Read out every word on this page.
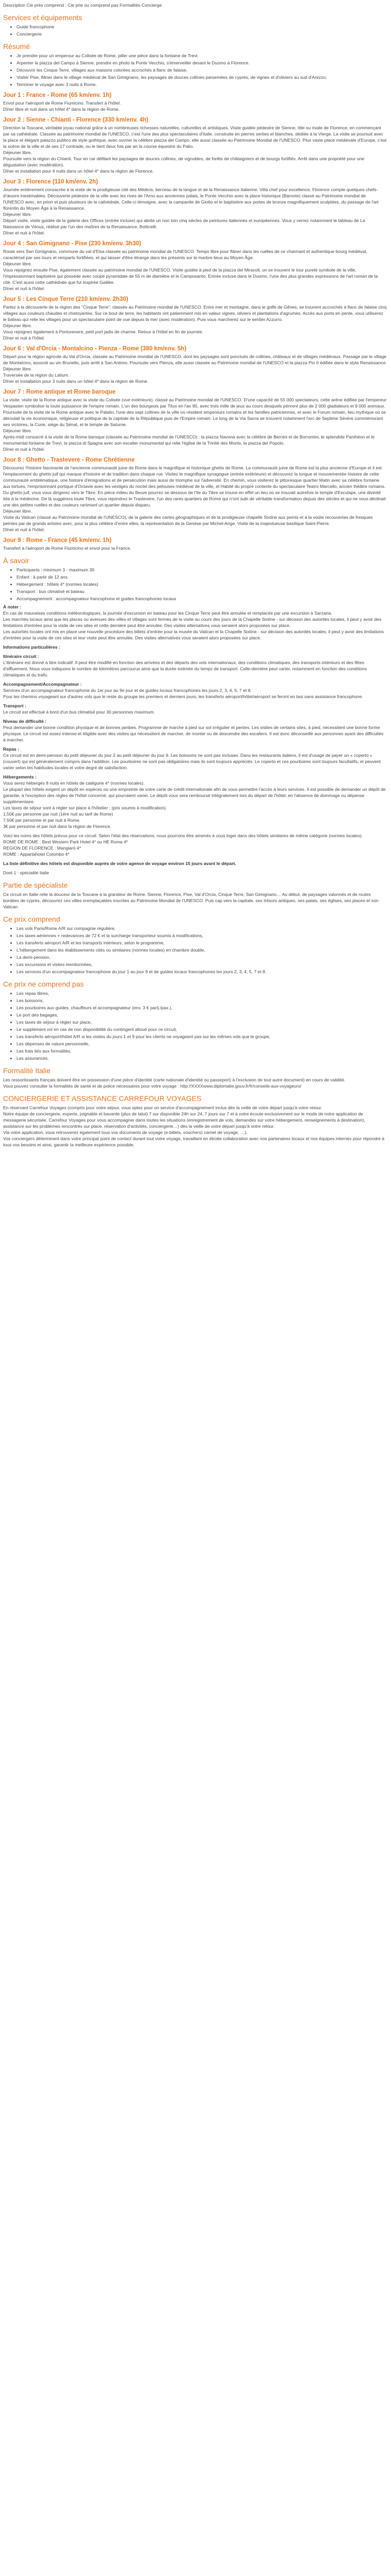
Description Cie près comprend ; Cie prie ou comprend pas Formalités Concierge

Services et équipements
• Guide francophone
• Conciergerie
Résumé
• Je prendre pour un emperour au Colisée de Rome, piller une pièce dans la fontaine de Trevi.
• Arpenter la piazza del Campo à Sienne, prendre en photo la Ponte Vecchio, s'émerveiller devant le Duomo à Florence.
• Découvrir les Cinque Terre, villages aux maisons colorées accrochés à flanc de falaise.
• Visiter Pise, flâner dans le village médiéval de San Gimignano, les paysages de douces collines parsemées de cyprès, de vignes et d'oliviers au sud d'Arezzo.
• Terminer le voyage avec 3 nuits à Rome.
Jour 1 : France - Rome (65 km/env. 1h)

Envol pour l'aéroport de Rome Fiumicino. Transfert à l'hôtel.

Dîner libre et nuit dans un hôtel 4* dans la région de Rome.

Jour 2 : Sienne - Chianti - Florence (330 km/env. 4h)

Direction la Toscane, véritable joyau national grâce à un nombreuses richesses naturelles, culturelles et artistiques. Visite guidée pédestre de Sienne, title ou rivale de Florence, en commençant par sa cathédrale. Classée au patrimoine mondial de l'UNESCO, c'est l'une des plus spectaculaires d'Italie, construite en pierres serties et blanches, dédiée à la Vierge. La visite se poursuit avec la place et élégant palazzo publico de style gothique, avec ouvrier la célèbre piazza del Campo, elle aussi classée au Patrimoine Mondial de l'UNESCO. Plus vaste place médiévale d'Europe, c'est la scène de la ville et de ses 17 contrade, ou le tient deux fois par an la course équestre du Palio.

Déjeuner libre.

Poursuite vers la région du Chianti. Tour en car défilant les paysages de douces collines, de vignobles, de forêts de châtaigniers et de bourgs fortifiés. Arrêt dans une propriété pour une dégustation (avec modération).

Dîner et installation pour 4 nuits dans un hôtel 4* dans la région de Florence.

Jour 3 : Florence (110 km/env. 2h)

Journée entièrement consacrée à la visite de la prodigieuse cité des Médicis, berceau de la langue et de la Renaissance italienne. Villa chef pour excellence, Florence compte quelques chefs-d'œuvre inestimables. Découverte pédestre de la ville avec les rives de l'Arno aux anciennes palais, le Ponte Vecchio avec la place historique (Baronte) classé au Patrimoine mondial de l'UNESCO avec, en priori et puis plusieurs de la cathédrale, Celle-ci témoigne, avec la campanile de Giotto et le baptistère aux portes de bronze magnifiquement sculptées, du passage de l'art florentin du Moyen Âge à la Renaissance.

Déjeuner libre.

Départ visite, visite guidée de la galerie des Offices (entrée incluse) qui abrite un non loin cinq siècles de peintures italiennes et européennes. Vous y verrez notamment le tableau de La Naissance de Vénus, réalisé par l'un des maîtres de la Renaissance, Botticelli.

Dîner et nuit à l'hôtel.

Jour 4 : San Gimignano - Pise (230 km/env. 3h30)

Route vers San Gimignano, commune du val d'Elsa classée au patrimoine mondial de l'UNESCO. Temps libre pour flâner dans les ruelles de ce charmant et authentique bourg médiéval, caractérisé par ses tours et remparts fortifiées, et qui laisser d'être étrange dans les présents sur le marbre lieux au Moyen Âge.

Déjeuner libre.

Vous rejoignez ensuite Pise, également classée au patrimoine mondial de l'UNESCO. Visite guidée à pied de la piazza del Miracoli, un se trouvent le tour pureté symbole de la ville, l'impressionnant baptistère qui possède avec coupe pyramidale de 55 m de diamètre et le Camposanto. Entrée incluse dans le Duomo, l'une des plus grandes expressions de l'art roman de la cité. C'est aussi cette cathédrale que fut inspirée Galilée.

Dîner et nuit à l'hôtel.

Jour 5 : Les Cinque Terre (210 km/env. 2h30)

Partez à la découverte de la région des "Cinque Terre", classée au Patrimoine mondial de l'UNESCO. Entre mer et montagne, dans le golfe de Gênes, se trouvent accrochés à flanc de falaise cinq villages aux couleurs chaudes et chatoyantes. Sur ce bout de terre, les habitants ont patiemment mis en valeur vignes, oliviers et plantations d'agrumes. Accès aux ports en pente, vous utiliserez le bateau qui relie les villages pour un spectaculaire point de vue depuis la mer (avec modération). Puis vous marcherez sur le sentier Azzurro.

Déjeuner libre.

Vous rejoignez également à Portovenere, petit port jadis de charme. Retour à l'hôtel en fin de journée.

Dîner et nuit à l'hôtel.

Jour 6 : Val d'Orcia - Montalcino - Pienza - Rome (380 km/env. 5h)

Départ pour la région agricole du Val d'Orcia, classée au Patrimoine mondial de l'UNESCO, dont les paysages sont ponctués de collines, châteaux et de villages médiévaux. Passage par le village de Montalcino, associé au vin Brunello, puis arrêt à San Antimo. Poursuite vers Pienza, elle aussi classée au Patrimoine mondial de l'UNESCO et la piazza Pio II édifiée dans le style Renaissance.

Déjeuner libre.

Traversée de la région du Latium.

Dîner et installation pour 3 nuits dans un hôtel 4* dans la région de Rome.

Jour 7 : Rome antique et Rome baroque

La visite, visite de la Rome antique avec la visite du Colisée (vue extérieure), classé au Patrimoine mondial de l'UNESCO. D'une capacité de 55 000 spectateurs, cette arène édifiée par l'empereur Vespasien symbolise la toute puissance de l'empire romain. L'un des bourgeois par Titus en l'an 80, avec trois mille de jeux au cours desquels périrent plus de 2 000 gladiateurs et 9 000 animaux.

Poursuite de la visite de la Rome antique avec le Palatin, l'une des sept collines de la ville où résident empereurs romains et les familles patriciennes, et avec le Forum romain, lieu mythique où se déroulait la vie économique, religieuse et politique de la capitale de la République puis de l'Empire romain. Le long de la Via Sacra se trouvent notamment l'arc de Septime Sévère commémorant ses victoires, la Curie, siège du Sénat, et le temple de Saturne.

Déjeuner libre.

Après-midi consacré à la visite de la Rome baroque (classée au Patrimoine mondial de l'UNESCO) : la piazza Navona avec la célèbre de Bernini et de Borromini, le splendide Panthéon et le monumental fontaine de Trevi, la piazza di Spagna avec son escalier monumental qui relie l'église de la Trinité des Monts, la piazza del Popolo.

Dîner et nuit à l'hôtel.

Jour 8 : Ghetto - Trastevere - Rome Chrétienne

Découvrez l'histoire fascinante de l'ancienne communauté juive de Rome dans le magnifique et historique ghetto de Rome. La communauté juive de Rome est la plus ancienne d'Europe et il est l'emplacement du ghetto juif qui marque d'histoire et de tradition dans chaque rue. Visitez le magnifique synagogue (entrée extérieure) et découvrez la longue et mouvementée histoire de cette communauté emblématique, une histoire d'émigrations et de persécution mais aussi de triomphe sur l'adversité. En chemin, vous visiterez le pittoresque quartier Matin avec sa célèbre fontaine aux tortues, l'emprisonnant portique d'Octavie avec les vestiges du noctel des pelouses médiéval de la ville, et Habité du propre contexte du spectaculaire Teatro Marcello, ancien théâtre romains. Du ghetto juif, vous vous dirigerez vers le Tibre. En pièce milieu du fleuve pourrez se dessous de l'île du Tibre se trouve en effet un lieu où se trouvait autrefois le temple d'Esculape, une divinité liée à la médecine. De là suggérera toute Tibre, vous rejoindrez le Trastevere, l'un des rares quartiers de Rome qui n'ont subi de véritable transformation depuis des siècles et qui ne vous déclinait une des petites ruelles et des couleurs ranimant un quartier depuis disparu.

Déjeuner libre.

Visite du Vatican (classé au Patrimoine mondial de l'UNESCO), de la galerie des cartes géographiques et de la prodigieuse chapelle Sixtine aux peints et à la voûte recouvertes de fresques peintes par de grands artistes avec, pour la plus célèbre d'entre elles, la représentation de la Genèse par Michel-Ange. Visite de la majestueuse basilique Saint-Pierre.

Dîner et nuit à l'hôtel.

Jour 9 : Rome - France (45 km/env. 1h)

Transfert à l'aéroport de Rome Fiumicino et envol pour la France.

À savoir
• Participants : minimum 3 - maximum 30
• Enfant : à partir de 12 ans
• Hébergement : hôtels 4* (normes locales)
• Transport : bus climatisé et bateau
• Accompagnement : accompagnateur francophone et guides francophones locaux

À noter :

En cas de mauvaises conditions météorologiques, la journée d'excursion en bateau pour les Cinque Terre peut être annulée et remplacée par une excursion à Sarzana.

Les marchés locaux ainsi que les places ou avenues des villes et villages sont fermés de la visite au cours des jours de la Chapelle Sixtine - sur décision des autorités locales, il peut y avoir des limitations d'entrées pour la visite de ces sites et cette dernière peut être annulée. Des visites alternatives vous seraient alors proposées sur place.

Les autorités locales ont mis en place une nouvelle procédure des billets d'entrée pour la musée du Vatican et la Chapelle Sixtine - sur décision des autorités locales, il peut y avoir des limitations d'entrées pour la visite de ces sites et leur visite peut être annulée. Des visites alternatives vous seraient alors proposées sur place.

Informations particulières :

Itinéraire circuit :

L'itinéraire est donné à titre indicatif. Il peut être modifié en fonction des arrivées et des départs des vols internationaux, des conditions climatiques, des transports intérieurs et des fêtes d'affluement. Nous vous indiquons le nombre de kilomètres parcourus ainsi que la durée estimée du temps de transport. Celle-dernière peut varier, notamment en fonction des conditions climatiques et du trafic.

Accompagnement/Accompagnateur :

Services d'un accompagnateur francophone du 1er jour au 9e jour et de guides locaux francophones les jours 2, 3, 4, 5, 7 et 8.

Pour les chemins voyageant sur d'autres vols que le reste du groupe les premiers et derniers jours, les transferts aéroport/hôtel/aéroport se feront en taxi sans assistance francophone.

Transport :

Le circuit est effectué à bord d'un bus climatisé pour 30 personnes maximum.

Niveau de difficulté :

Peut demander une bonne condition physique et de bonnes jambes. Programme de marche à pied sur sol irrégulier et pentes. Les visites de certains sites, à pied, nécessitent une bonne forme physique. Le circuit est assez intense et éligible avec des visites qui nécessitent de marcher, de monter ou de descendre des escaliers. Il est donc déconseillé aux personnes ayant des difficultés à marcher.

Repas :

Ce circuit est en demi-pension du petit déjeuner du jour 2 au petit déjeuner du jour 9. Les boissons ne sont pas incluses. Dans les restaurants italiens, il est d'usage de payer un « coperto » (couvert) qui est généralement compris dans l'addition. Les pourboires ne sont pas obligatoires mais ils sont toujours appréciés. Le coperto et ces pourboires sont toujours facultatifs, et peuvent varier selon les habitudes locales et votre degré de satisfaction.

Hébergements :

Vous serez hébergés 8 nuits en hôtels de catégorie 4* (normes locales).

Le plupart des hôtels exigent un dépôt en espèces ou une empreinte de votre carte de crédit internationale afin de vous permettre l'accès à leurs services. Il est possible de demander un dépôt de garantie, à l'exception des règles de l'hôtel concerné, qui pourraient varier. Le dépôt vous sera remboursé intégralement lors du départ de l'hôtel, en l'absence de dommage ou dépense supplémentaire.

Les taxes de séjour sont à régler sur place à l'hôtelier : (prix soumis à modification).

1,50€ par personne par nuit (1ère nuit au tarif de Rome)

7,50€ par personne et par nuit à Rome.

3€ par personne et par nuit dans la région de Florence.

Voici les noms des hôtels prévus pour ce circuit. Selon l'état des réservations, nous pourrons être amenés à vous loger dans des hôtels similaires de même catégorie (normes locales).

ROME DE ROME : Best Western Park Hotel 4* ou HE Roma 4*

REGION DE FLORENCE : Mangiarò 4*

ROME : Appartahotel Colombo 4*

La liste définitive des hôtels est disponible auprès de votre agence de voyage environ 15 jours avant le départ.

Dont 1 : spécialité Italie

Partie de spécialiste

Ce circuit en Italie relie la douceur de la Toscane à la grandeur de Rome. Sienne, Florence, Pise, Val d'Orcia, Cinque Terre, San Gimignano… Au début, de paysages valonnés et de routes bordées de cyprès, découvrez ces villes irremplaçables inscrites au Patrimoine Mondial de l'UNESCO. Puis cap vers la capitale, ses trésors antiques, ses palais, ses églises, ses places et son Vatican.

Ce prix comprend
• Les vols Paris/Rome A/R sur compagnie régulière,
• Les taxes aériennes + redevances de 72 € et la surcharge transporteur soumis à modifications,
• Les transferts aéroport A/R et les transports intérieurs, selon le programme,
• L'hébergement dans les établissements cités ou similaires (normes locales) en chambre double,
• La demi-pension,
• Les excursions et visites mentionnées,
• Les services d'un accompagnateur francophone du jour 1 au jour 9 et de guides locaux francophones les jours 2, 3, 4, 5, 7 et 8.
Ce prix ne comprend pas
• Les repas libres,
• Les boissons,
• Les pourboires aux guides, chauffeurs et accompagnateur (env. 3 € par/j./pax.),
• Le port des bagages,
• Les taxes de séjour à régler sur place,
• Le supplément vol en cas de non disponibilité du contingent alloué pour ce circuit,
• Les transferts aéroport/hôtel A/R si les visites du jours 1 et 9 pour les clients ne voyageant pas sur les mêmes vols que le groupe,
• Les dépenses de nature personnelle,
• Les frais liés aux formalités,
• Les assurances.
Formalité Italie

Les ressortissants français doivent être en possession d'une pièce d'identité (carte nationale d'identité ou passeport) à l'exclusion de tout autre document) en cours de validité.

Vous pouvez consulter la formalités de santé et de police nécessaires pour votre voyage : http://XXXXwww.diplomatie.gouv.fr/fr/conseils-aux-voyageurs/

CONCIERGERIE ET ASSISTANCE CARREFOUR VOYAGES

En réservant Carrefour Voyages (compris pour votre séjour, vous optez pour un service d'accompagnement inclus dès la veille de votre départ jusqu'à votre retour.

Notre équipe de conciergerie, experte, joignable et bavarde (plus de talut) 7 sur disponible 24h sur 24, 7 jours sur 7 et à votre écoute exclusivement sur le mode de notre application de messagerie sécurisée. Carrefour Voyages pour vous accompagner dans toutes les situations (enregistrement de vols, demandes sur votre hébergement, renseignements à destination), assistance sur les problèmes rencontrés sur place, réservation d'activités, conciergerie…) dès la veille de votre départ jusqu'à votre retour.

Via votre application, vous retrouverez également tous vos documents de voyage (e-billets, vouchers) carnet de voyage, …).

Vos conciergers déterminent dans votre principal point de contact durant tout votre voyage, travaillant en étroite collaboration avec nos partenaires locaux et nos équipes internes pour répondre à tous vos besoins et ainsi, garantir la meilleure expérience possible.
